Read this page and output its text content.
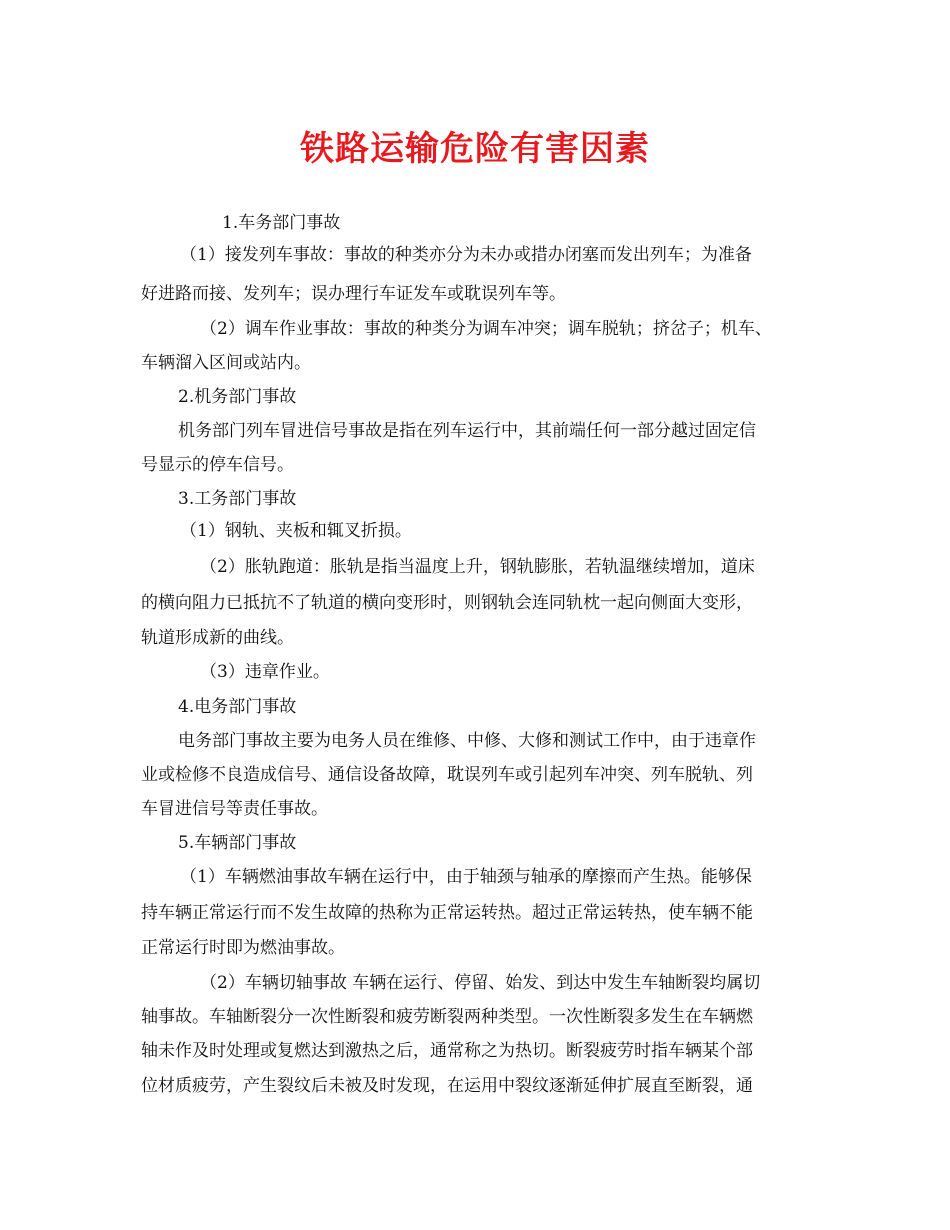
铁路运输危险有害因素
1.车务部门事故
（1）接发列车事故：事故的种类亦分为未办或措办闭塞而发出列车；为准备
好进路而接、发列车；误办理行车证发车或耽误列车等。
（2）调车作业事故：事故的种类分为调车冲突；调车脱轨；挤岔子；机车、
车辆溜入区间或站内。
2.机务部门事故
机务部门列车冒进信号事故是指在列车运行中，其前端任何一部分越过固定信
号显示的停车信号。
3.工务部门事故
（1）钢轨、夹板和辄叉折损。
（2）胀轨跑道：胀轨是指当温度上升，钢轨膨胀，若轨温继续增加，道床
的横向阻力已抵抗不了轨道的横向变形时，则钢轨会连同轨枕一起向侧面大变形，
轨道形成新的曲线。
（3）违章作业。
4.电务部门事故
电务部门事故主要为电务人员在维修、中修、大修和测试工作中，由于违章作
业或检修不良造成信号、通信设备故障，耽误列车或引起列车冲突、列车脱轨、列
车冒进信号等责任事故。
5.车辆部门事故
（1）车辆燃油事故车辆在运行中，由于轴颈与轴承的摩擦而产生热。能够保
持车辆正常运行而不发生故障的热称为正常运转热。超过正常运转热，使车辆不能
正常运行时即为燃油事故。
（2）车辆切轴事故 车辆在运行、停留、始发、到达中发生车轴断裂均属切
轴事故。车轴断裂分一次性断裂和疲劳断裂两种类型。一次性断裂多发生在车辆燃
轴未作及时处理或复燃达到激热之后，通常称之为热切。断裂疲劳时指车辆某个部
位材质疲劳，产生裂纹后未被及时发现，在运用中裂纹逐渐延伸扩展直至断裂，通
